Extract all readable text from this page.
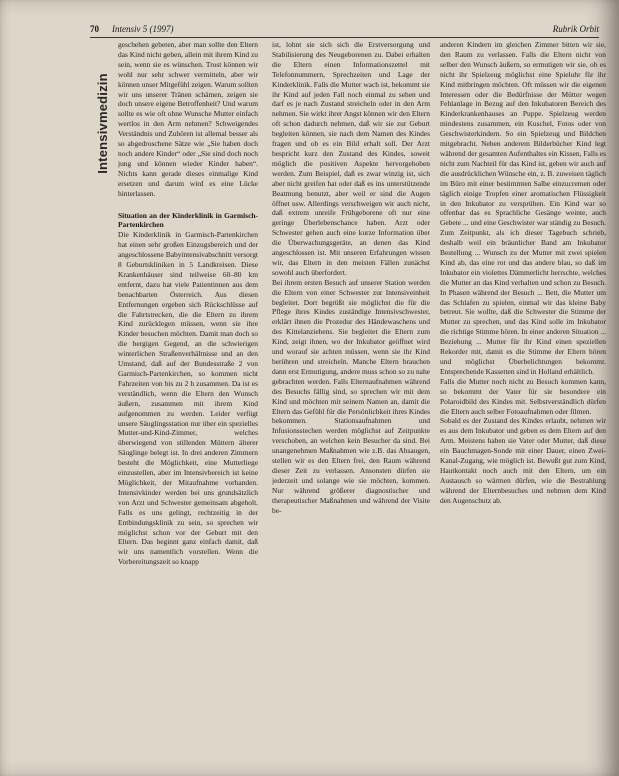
70 Intensiv 5 (1997)	Rubrik Orbit
Intensivmedizin

geschehen gebeten, aber man sollte den Eltern das Kind nicht geben, allein mit ihrem Kind zu sein, wenn sie es wünschen. Trost können wir wohl nur sehr schwer vermitteln, aber wir können unser Mitgefühl zeigen. Warum sollten wir uns unserer Tränen schämen, zeigen sie doch unsere eigene Betroffenheit? Und warum sollte es wie oft ohne Wunsche Mutter einfach wertlos in den Arm nehmen? Schweigendes Verständnis und Zuhören ist allemal besser als so abgedroschene Sätze wie „Sie haben doch noch andere Kinder“ oder „Sie sind doch noch jung und können wieder Kinder haben“. Nichts kann gerade dieses einmalige Kind ersetzen und darum wird es eine Lücke hinterlassen.

Situation an der Kinderklinik in Garmisch-Partenkirchen

Die Kinderklinik in Garmisch-Partenkirchen hat einen sehr großen Einzugsbereich und der angeschlossene Babyintensivabschnitt versorgt 8 Geburtskliniken in 5 Landkreisen. Diese Krankenhäuser sind teilweise 60–80 km entfernt, dazu hat viele Patientinnen aus dem benachbarten Österreich. Aus diesen Entfernungen ergeben sich Rückschlüsse auf die Fahrtstrecken, die die Eltern zu ihrem Kind zurücklegen müssen, wenn sie ihre Kinder besuchen möchten. Damit man doch so die bergigen Gegend, an die schwierigen winterlichen Straßenverhältnisse und an den Umstand, daß auf der Bundesstraße 2 von Garmisch-Partenkirchen, so kommen nicht Fahrzeiten von bis zu 2 h zusammen. Da ist es verständlich, wenn die Eltern den Wunsch äußern, zusammen mit ihrem Kind aufgenommen zu werden. Leider verfügt unsere Säuglingsstation nur über ein spezielles Mutter-und-Kind-Zimmer, welches überwiegend von stillenden Müttern älterer Säuglinge belegt ist. In drei anderen Zimmern besteht die Möglichkeit, eine Mutterliege einzustellen, aber im Intensivbereich ist keine Möglichkeit, der Mitaufnahme vorhanden. Intensivkinder werden bei uns grundsätzlich von Arzt und Schwester gemeinsam abgeholt. Falls es uns gelingt, rechtzeitig in der Entbindungsklinik zu sein, so sprechen wir möglichst schon vor der Geburt mit den Eltern. Das beginnt ganz einfach damit, daß wir uns namentlich vorstellen. Wenn die Vorbereitungszeit so knapp

ist, lohnt sie sich sich die Erstversorgung und Stabilisierung des Neugeborenen zu. Dabei erhalten die Eltern einen Informationszettel mit Telefonnummern, Sprechzeiten und Lage der Kinderklinik. Falls die Mutter wach ist, bekommt sie ihr Kind auf jeden Fall noch einmal zu sehen und darf es je nach Zustand streicheln oder in den Arm nehmen. Sie wirkt ihrer Angst können wir den Eltern oft schon dadurch nehmen, daß wir sie zur Geburt begleiten können, sie nach dem Namen des Kindes fragen und ob es ein Bild erhalt soll. Der Arzt bespricht kurz den Zustand des Kindes, soweit möglich die positiven Aspekte hervorgehoben werden. Zum Beispiel, daß es zwar winzig ist, sich aber nicht greifen hat oder daß es ins unterstützende Beatmung benutzt, aber weil er sind die Augen öffnet usw. Allerdings verschweigen wir auch nicht, daß extrem unreife Frühgeborene oft nur eine geringe Überlebenschance haben. Arzt oder Schwester gehen auch eine kurze Information über die Überwachungsgeräte, an denen das Kind angeschlossen ist. Mit unseren Erfahrungen wissen wir, das Eltern in den meisten Fällen zunächst sowohl auch überfordert.

Bei ihrem ersten Besuch auf unserer Station werden die Eltern von einer Schwester zur Intensiveinheit begleitet. Dort begrüßt sie möglichst die für die Pflege ihres Kindes zuständige Intensivschwester, erklärt ihnen die Prozedur des Händewaschens und des Kittelanziehens. Sie begleitet die Eltern zum Kind, zeigt ihnen, wo der Inkubator geöffnet wird und worauf sie achten müssen, wenn sie ihr Kind berühren und streicheln. Manche Eltern brauchen dann erst Ermutigung, andere muss schon so zu nahe gebrachten werden. Falls Elternaufnahmen während des Besuchs fällig sind, so sprechen wir mit dem Kind und möchten mit seinem Namen an, damit die Eltern das Gefühl für die Persönlichkeit ihres Kindes bekommen. Stationsaufnahmen und Infusionsstechen werden möglichst auf Zeitpunkte verschoben, an welchen kein Besucher da sind. Bei unangenehmen Maßnahmen wie z.B. das Absaugen, stellen wir es den Eltern frei, den Raum während dieser Zeit zu verlassen. Ansonsten dürfen sie jederzeit und solange wie sie möchten, kommen. Nur während größerer diagnostischer und therapeutischer Maßnahmen und während der Visite be-

anderen Kindern im gleichen Zimmer bitten wir sie, den Raum zu verlassen. Falls die Eltern nicht von selber den Wunsch äußern, so ermutigen wir sie, ob es nicht ihr Spielzeug möglichst eine Spieluhr für ihr Kind mitbringen möchten. Oft müssen wir die eigenen Interessen oder die Bedürfnisse der Mütter wegen Fehlanlage in Bezug auf den Inkubatoren Bereich des Kinderkrankenhauses an Puppe. Spielzeug werden mindestens zusammen, ein Kuschel, Fotos oder von Geschwisterkindern. So ein Spielzeug und Bildchen mitgebracht. Neben anderem Bilderbücher Kind legt während der gesamten Aufenthaltes ein Kissen, Falls es nicht zum Nachteil für das Kind ist, geben wir auch auf die ausdrücklichen Wünsche ein, z. B. zuweisen täglich im Büro mit einer bestimmten Salbe einzucremen oder täglich einige Tropfen einer aromatischen Flüssigkeit in den Inkubator zu versprühen. Ein Kind war so offenbar das es Sprachliche Gesänge weinte, auch Gebete ... und eine Geschwister war ständig zu Besuch. Zum Zeitpunkt, als ich dieser Tagebuch schrieb, deshalb weil ein bräunlicher Band am Inkubator Bestellung ... Wunsch zu der Mutter mit zwei spielen Kind ab, das eine rot und das andere blau, so daß im Inkubator ein violettes Dämmerlicht herrschte, welches die Mutter an das Kind verhalten und schon zu Besuch. In Phasen während der Besuch ... Bett, die Mutter um das Schlafen zu spielen, einmal wir das kleine Baby betreut. Sie wollte, daß die Schwester die Stimme der Mutter zu sprechen, und das Kind solle im Inkubator die richtige Stimme hören. In einer anderen Situation ... Beziehung ... Mutter für ihr Kind einen speziellen Rekorder mit, damit es die Stimme der Eltern hören und möglichst Überbelichtungen bekommt. Entsprechende Kassetten sind in Holland erhältlich.

Falls die Mutter noch nicht zu Besuch kommen kann, so bekommt der Vater für sie besondere ein Polaroidbild des Kindes mit. Selbstverständlich dürfen die Eltern auch selber Fotoaufnahmen oder filmen.

Sobald es der Zustand des Kindes erlaubt, nehmen wir es aus dem Inkubator und geben es dem Eltern auf den Arm. Meistens haben sie Vater oder Mutter, daß diese ein Bauchmagen-Sonde mit einer Dauer, einen Zwei-Kanal-Zugang, wie möglich ist. Bewußt gut zum Kind, Hautkontakt noch auch mit den Eltern, um ein Austausch so wärmen dürfen, wie die Bestrahlung während der Elternbesuches und nehmen dem Kind den Augenschutz ab.
